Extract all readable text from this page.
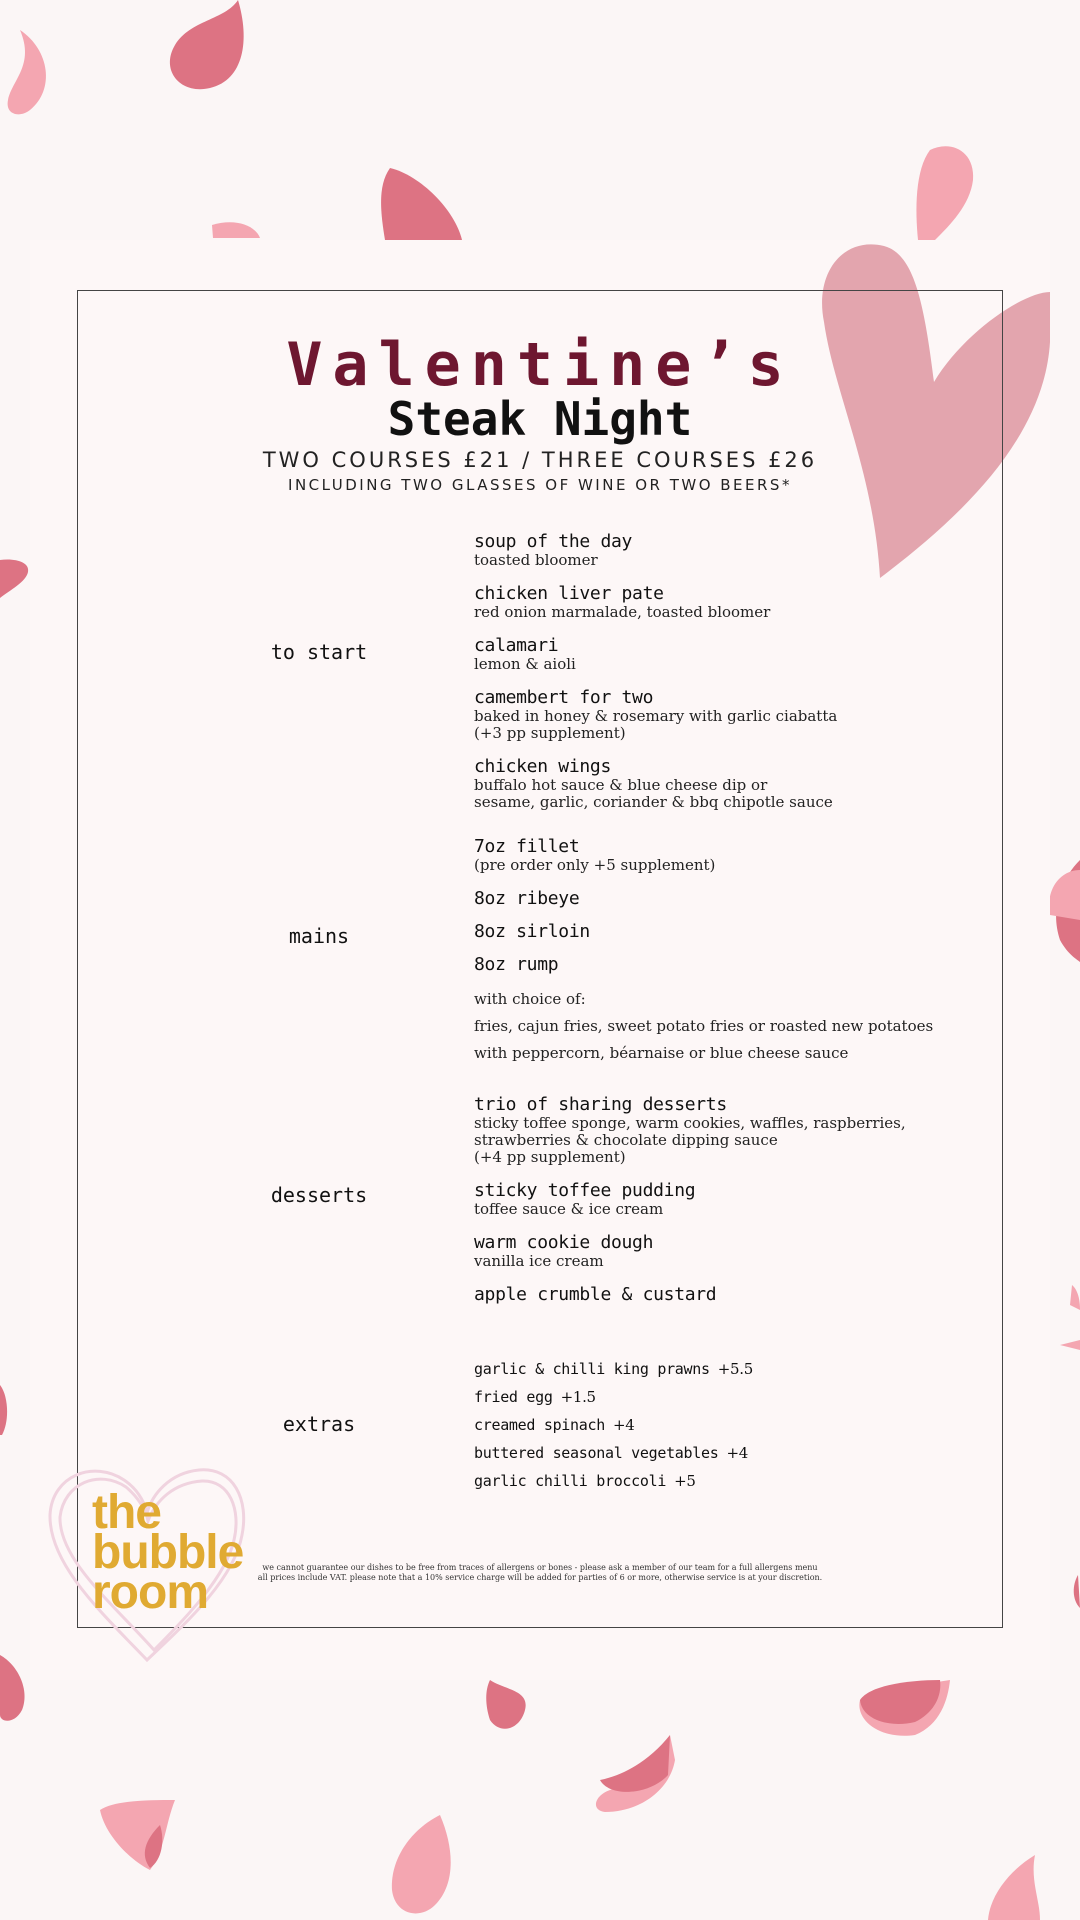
Valentine’s
Steak Night
TWO COURSES £21 / THREE COURSES £26
INCLUDING TWO GLASSES OF WINE OR TWO BEERS*
to start
soup of the day
toasted bloomer
chicken liver pate
red onion marmalade, toasted bloomer
calamari
lemon & aioli
camembert for two
baked in honey & rosemary with garlic ciabatta
(+3 pp supplement)
chicken wings
buffalo hot sauce & blue cheese dip or
sesame, garlic, coriander & bbq chipotle sauce
mains
7oz fillet
(pre order only +5 supplement)
8oz ribeye
8oz sirloin
8oz rump
with choice of:
fries, cajun fries, sweet potato fries or roasted new potatoes
with peppercorn, béarnaise or blue cheese sauce
desserts
trio of sharing desserts
sticky toffee sponge, warm cookies, waffles, raspberries,
strawberries & chocolate dipping sauce
(+4 pp supplement)
sticky toffee pudding
toffee sauce & ice cream
warm cookie dough
vanilla ice cream
apple crumble & custard
extras
garlic & chilli king prawns +5.5
fried egg +1.5
creamed spinach +4
buttered seasonal vegetables +4
garlic chilli broccoli +5
the
bubble
room	we cannot guarantee our dishes to be free from traces of allergens or bones - please ask a member of our team for a full allergens menu
all prices include VAT. please note that a 10% service charge will be added for parties of 6 or more, otherwise service is at your discretion.
